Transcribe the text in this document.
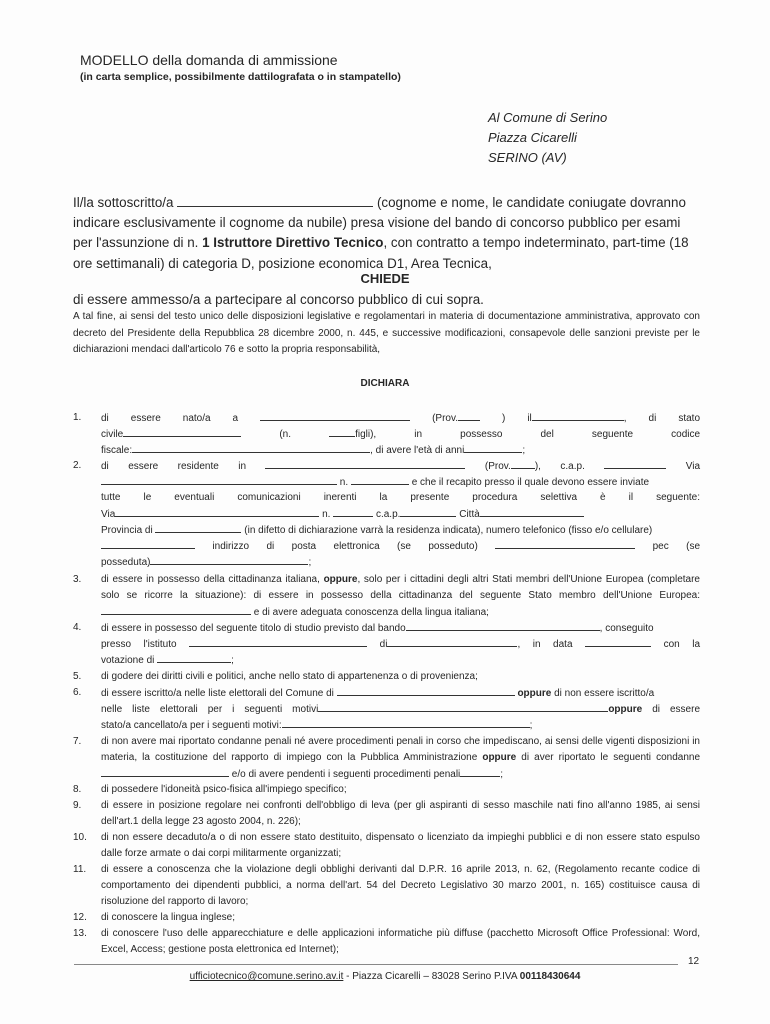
MODELLO della domanda di ammissione
(in carta semplice, possibilmente dattilografata o in stampatello)
Al Comune di Serino
Piazza Cicarelli
SERINO (AV)
Il/la sottoscritto/a	(cognome e nome, le candidate coniugate dovranno indicare esclusivamente il cognome da nubile) presa visione del bando di concorso pubblico per esami per l'assunzione di n. 1 Istruttore Direttivo Tecnico, con contratto a tempo indeterminato, part-time (18 ore settimanali) di categoria D, posizione economica D1, Area Tecnica,
CHIEDE
di essere ammesso/a a partecipare al concorso pubblico di cui sopra.
A tal fine, ai sensi del testo unico delle disposizioni legislative e regolamentari in materia di documentazione amministrativa, approvato con decreto del Presidente della Repubblica 28 dicembre 2000, n. 445, e successive modificazioni, consapevole delle sanzioni previste per le dichiarazioni mendaci dall'articolo 76 e sotto la propria responsabilità,
DICHIARA
1.	di essere nato/a a	(Prov.	) il	, di stato
civile	(n.	figli),	in	possesso	del	seguente	codice
fiscale:	, di avere l'età di anni	;
2.	di essere residente in	(Prov. ), c.a.p.	Via
n.	e che il recapito presso il quale devono essere inviate
tutte le eventuali comunicazioni inerenti la presente procedura selettiva è il seguente:
Via	n.	c.a.p.	Città
Provincia di	(in difetto di dichiarazione varrà la residenza indicata), numero telefonico (fisso e/o cellulare)
indirizzo di posta elettronica (se posseduto)	pec (se
posseduta)	;
3.	di essere in possesso della cittadinanza italiana, oppure, solo per i cittadini degli altri Stati membri dell'Unione Europea (completare solo se ricorre la situazione): di essere in possesso della cittadinanza del seguente Stato membro dell'Unione Europea:  e di avere adeguata conoscenza della lingua italiana;
4.	di essere in possesso del seguente titolo di studio previsto dal bando	, conseguito
presso l'istituto	di	, in data	con la
votazione di	;
5.	di godere dei diritti civili e politici, anche nello stato di appartenenza o di provenienza;
6.	di essere iscritto/a nelle liste elettorali del Comune di	oppure di non essere iscritto/a
nelle liste elettorali per i seguenti motivi	oppure di essere
stato/a cancellato/a per i seguenti motivi:	;
7.	di non avere mai riportato condanne penali né avere procedimenti penali in corso che impediscano, ai sensi delle vigenti disposizioni in materia, la costituzione del rapporto di impiego con la Pubblica Amministrazione oppure di aver riportato le seguenti condanne  e/o di avere pendenti i seguenti procedimenti penali	;
8.	di possedere l'idoneità psico-fisica all'impiego specifico;
9.	di essere in posizione regolare nei confronti dell'obbligo di leva (per gli aspiranti di sesso maschile nati fino all'anno 1985, ai sensi dell'art.1 della legge 23 agosto 2004, n. 226);
10.	di non essere decaduto/a o di non essere stato destituito, dispensato o licenziato da impieghi pubblici e di non essere stato espulso dalle forze armate o dai corpi militarmente organizzati;
11.	di essere a conoscenza che la violazione degli obblighi derivanti dal D.P.R. 16 aprile 2013, n. 62, (Regolamento recante codice di comportamento dei dipendenti pubblici, a norma dell'art. 54 del Decreto Legislativo 30 marzo 2001, n. 165) costituisce causa di risoluzione del rapporto di lavoro;
12.	di conoscere la lingua inglese;
13.	di conoscere l'uso delle apparecchiature e delle applicazioni informatiche più diffuse (pacchetto Microsoft Office Professional: Word, Excel, Access; gestione posta elettronica ed Internet);
12
ufficiotecnico@comune.serino.av.it - Piazza Cicarelli – 83028 Serino P.IVA 00118430644
